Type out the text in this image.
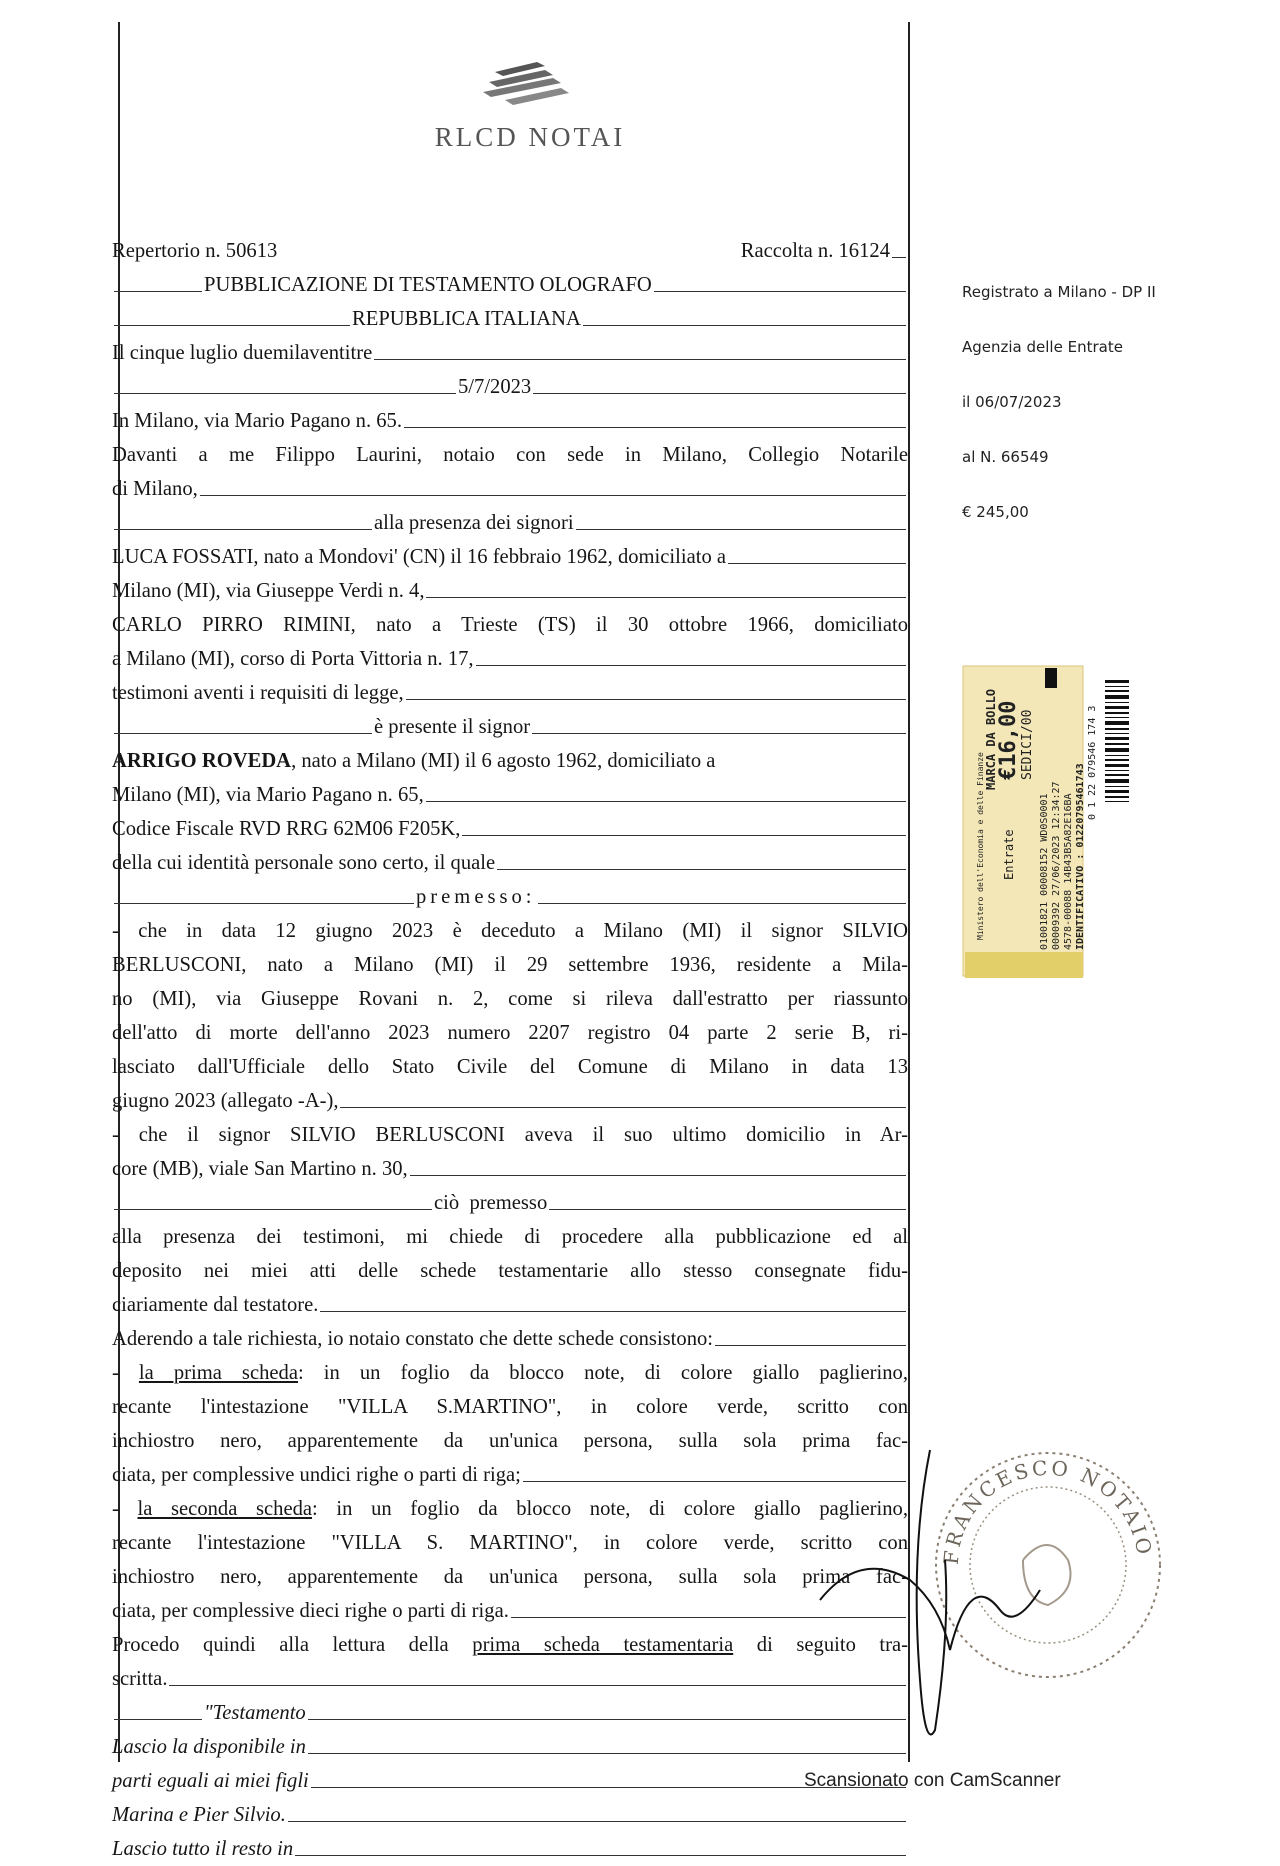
RLCD NOTAI
Registrato a Milano - DP II
Agenzia delle Entrate
il 06/07/2023
al N. 66549
€ 245,00
MARCA DA BOLLO
€16,00 SEDICI/00
Ministero dell'Economia e delle Finanze Entrate 01001821 00008152 WD0S0001 00009392 27/06/2023 12:34:27 4578-00088 14B43B5A82E16BA IDENTIFICATIVO : 01220795461743
0 1 22 079546 174 3
Repertorio n. 50613	Raccolta n. 16124
PUBBLICAZIONE DI TESTAMENTO OLOGRAFO
REPUBBLICA ITALIANA
Il cinque luglio duemilaventitre
5/7/2023
In Milano, via Mario Pagano n. 65.
Davanti a me Filippo Laurini, notaio con sede in Milano, Collegio Notarile
di Milano,
alla presenza dei signori
LUCA FOSSATI, nato a Mondovi' (CN) il 16 febbraio 1962, domiciliato a
Milano (MI), via Giuseppe Verdi n. 4,
CARLO PIRRO RIMINI, nato a Trieste (TS) il 30 ottobre 1966, domiciliato
a Milano (MI), corso di Porta Vittoria n. 17,
testimoni aventi i requisiti di legge,
è presente il signor
ARRIGO ROVEDA , nato a Milano (MI) il 6 agosto 1962, domiciliato a
Milano (MI), via Mario Pagano n. 65,
Codice Fiscale RVD RRG 62M06 F205K,
della cui identità personale sono certo, il quale
premesso:
- che in data 12 giugno 2023 è deceduto a Milano (MI) il signor SILVIO
BERLUSCONI, nato a Milano (MI) il 29 settembre 1936, residente a Mila-
no (MI), via Giuseppe Rovani n. 2, come si rileva dall'estratto per riassunto
dell'atto di morte dell'anno 2023 numero 2207 registro 04 parte 2 serie B, ri-
lasciato dall'Ufficiale dello Stato Civile del Comune di Milano in data 13
giugno 2023 (allegato -A-),
- che il signor SILVIO BERLUSCONI aveva il suo ultimo domicilio in Ar-
core (MB), viale San Martino n. 30,
ciò  premesso
alla presenza dei testimoni, mi chiede di procedere alla pubblicazione ed al
deposito nei miei atti delle schede testamentarie allo stesso consegnate fidu-
ciariamente dal testatore.
Aderendo a tale richiesta, io notaio constato che dette schede consistono:
- la prima scheda: in un foglio da blocco note, di colore giallo paglierino,
recante l'intestazione "VILLA S.MARTINO", in colore verde, scritto con
inchiostro nero, apparentemente da un'unica persona, sulla sola prima fac-
ciata, per complessive undici righe o parti di riga;
- la seconda scheda: in un foglio da blocco note, di colore giallo paglierino,
recante l'intestazione "VILLA S. MARTINO", in colore verde, scritto con
inchiostro nero, apparentemente da un'unica persona, sulla sola prima fac-
ciata, per complessive dieci righe o parti di riga.
Procedo quindi alla lettura della prima scheda testamentaria di seguito tra-
scritta.
"Testamento
Lascio la disponibile in
parti eguali ai miei figli
Marina e Pier Silvio.
Lascio tutto il resto in
FRANCESCO NOTAIO
Scansionato con CamScanner
